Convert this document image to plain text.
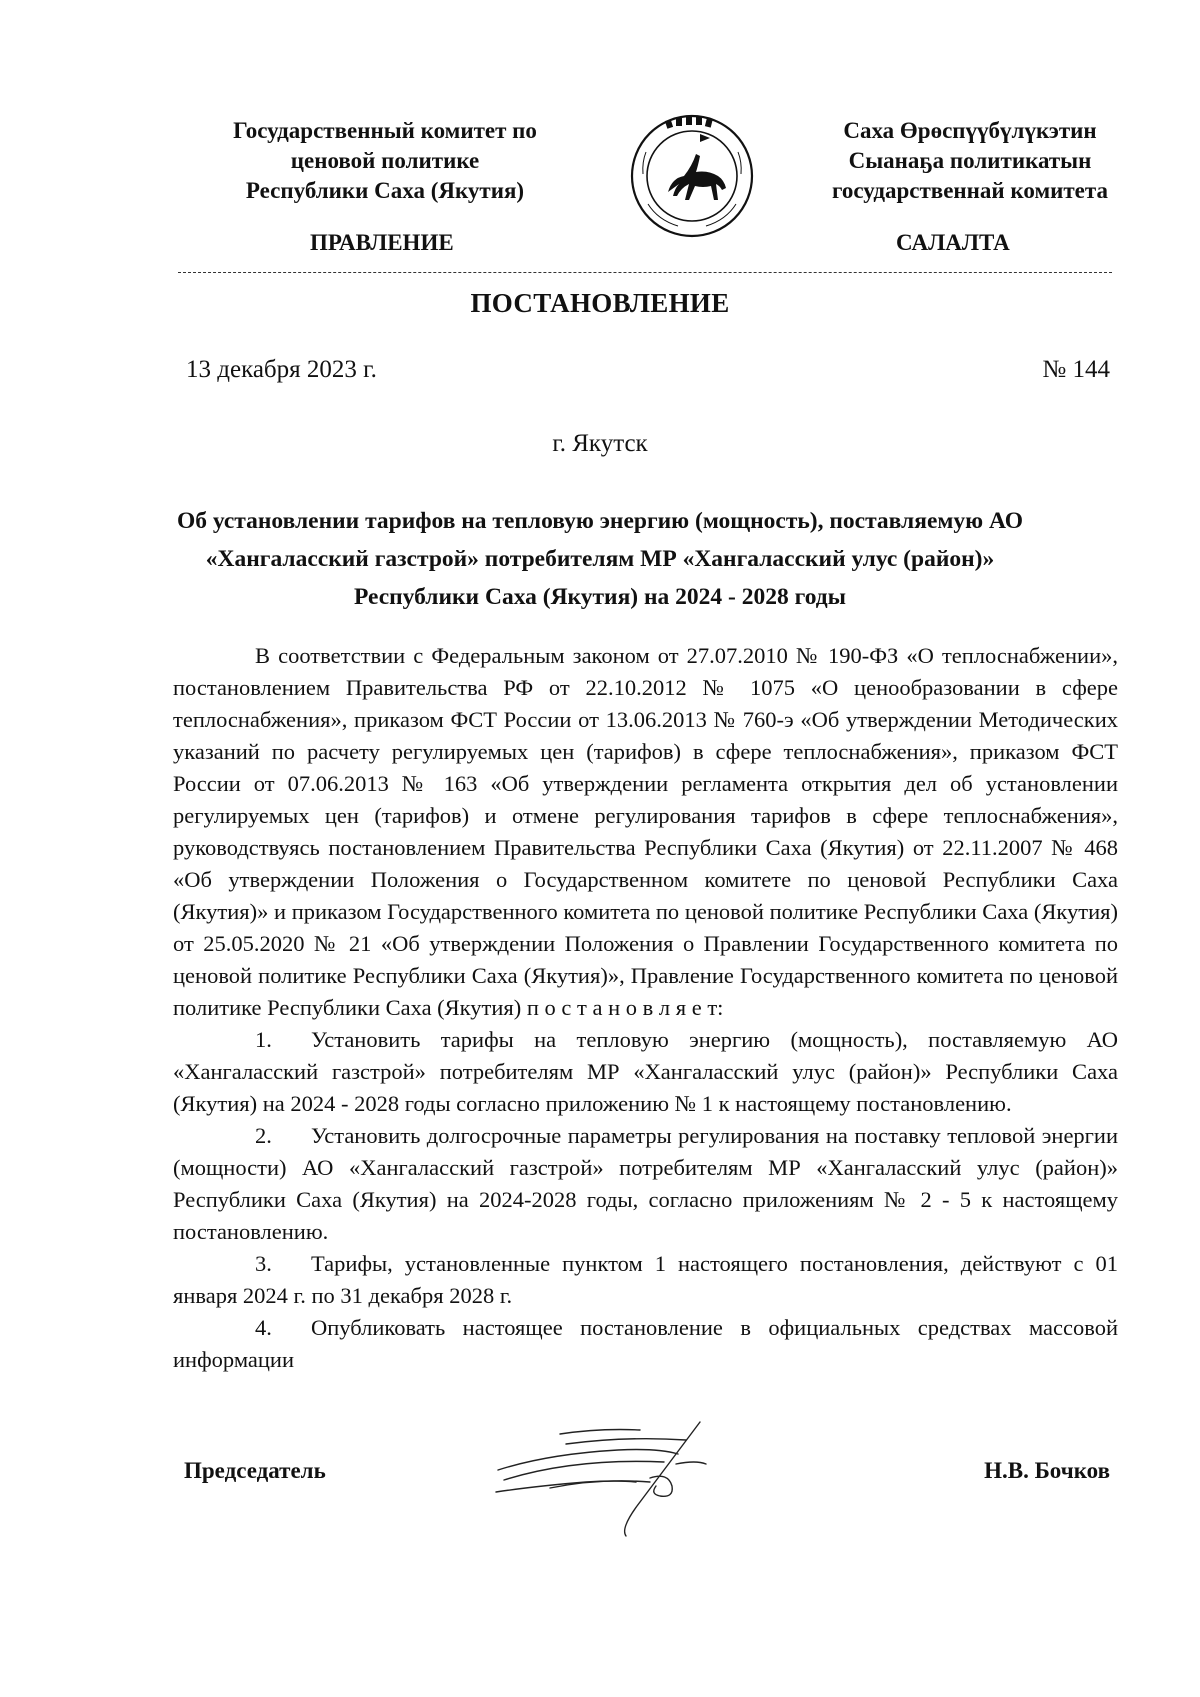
Государственный комитет по
ценовой политике
Республики Саха (Якутия)
Саха Өрөспүүбүлүкэтин
Сыанаҕа политикатын
государственнай комитета
ПРАВЛЕНИЕ	САЛАЛТА
ПОСТАНОВЛЕНИЕ
13 декабря 2023 г.	№ 144
г. Якутск
Об установлении тарифов на тепловую энергию (мощность), поставляемую АО «Хангаласский газстрой» потребителям МР «Хангаласский улус (район)» Республики Саха (Якутия) на 2024 - 2028 годы

В соответствии с Федеральным законом от 27.07.2010 № 190-ФЗ «О теплоснабжении», постановлением Правительства РФ от 22.10.2012 № 1075 «О ценообразовании в сфере теплоснабжения», приказом ФСТ России от 13.06.2013 № 760-э «Об утверждении Методических указаний по расчету регулируемых цен (тарифов) в сфере теплоснабжения», приказом ФСТ России от 07.06.2013 № 163 «Об утверждении регламента открытия дел об установлении регулируемых цен (тарифов) и отмене регулирования тарифов в сфере теплоснабжения», руководствуясь постановлением Правительства Республики Саха (Якутия) от 22.11.2007 № 468 «Об утверждении Положения о Государственном комитете по ценовой Республики Саха (Якутия)» и приказом Государственного комитета по ценовой политике Республики Саха (Якутия) от 25.05.2020 № 21 «Об утверждении Положения о Правлении Государственного комитета по ценовой политике Республики Саха (Якутия)», Правление Государственного комитета по ценовой политике Республики Саха (Якутия) п о с т а н о в л я е т:

1. Установить тарифы на тепловую энергию (мощность), поставляемую АО «Хангаласский газстрой» потребителям МР «Хангаласский улус (район)» Республики Саха (Якутия) на 2024 - 2028 годы согласно приложению № 1 к настоящему постановлению.

2. Установить долгосрочные параметры регулирования на поставку тепловой энергии (мощности) АО «Хангаласский газстрой» потребителям МР «Хангаласский улус (район)» Республики Саха (Якутия) на 2024-2028 годы, согласно приложениям № 2 - 5 к настоящему постановлению.

3. Тарифы, установленные пунктом 1 настоящего постановления, действуют с 01 января 2024 г. по 31 декабря 2028 г.

4. Опубликовать настоящее постановление в официальных средствах массовой информации

Председатель	Н.В. Бочков
